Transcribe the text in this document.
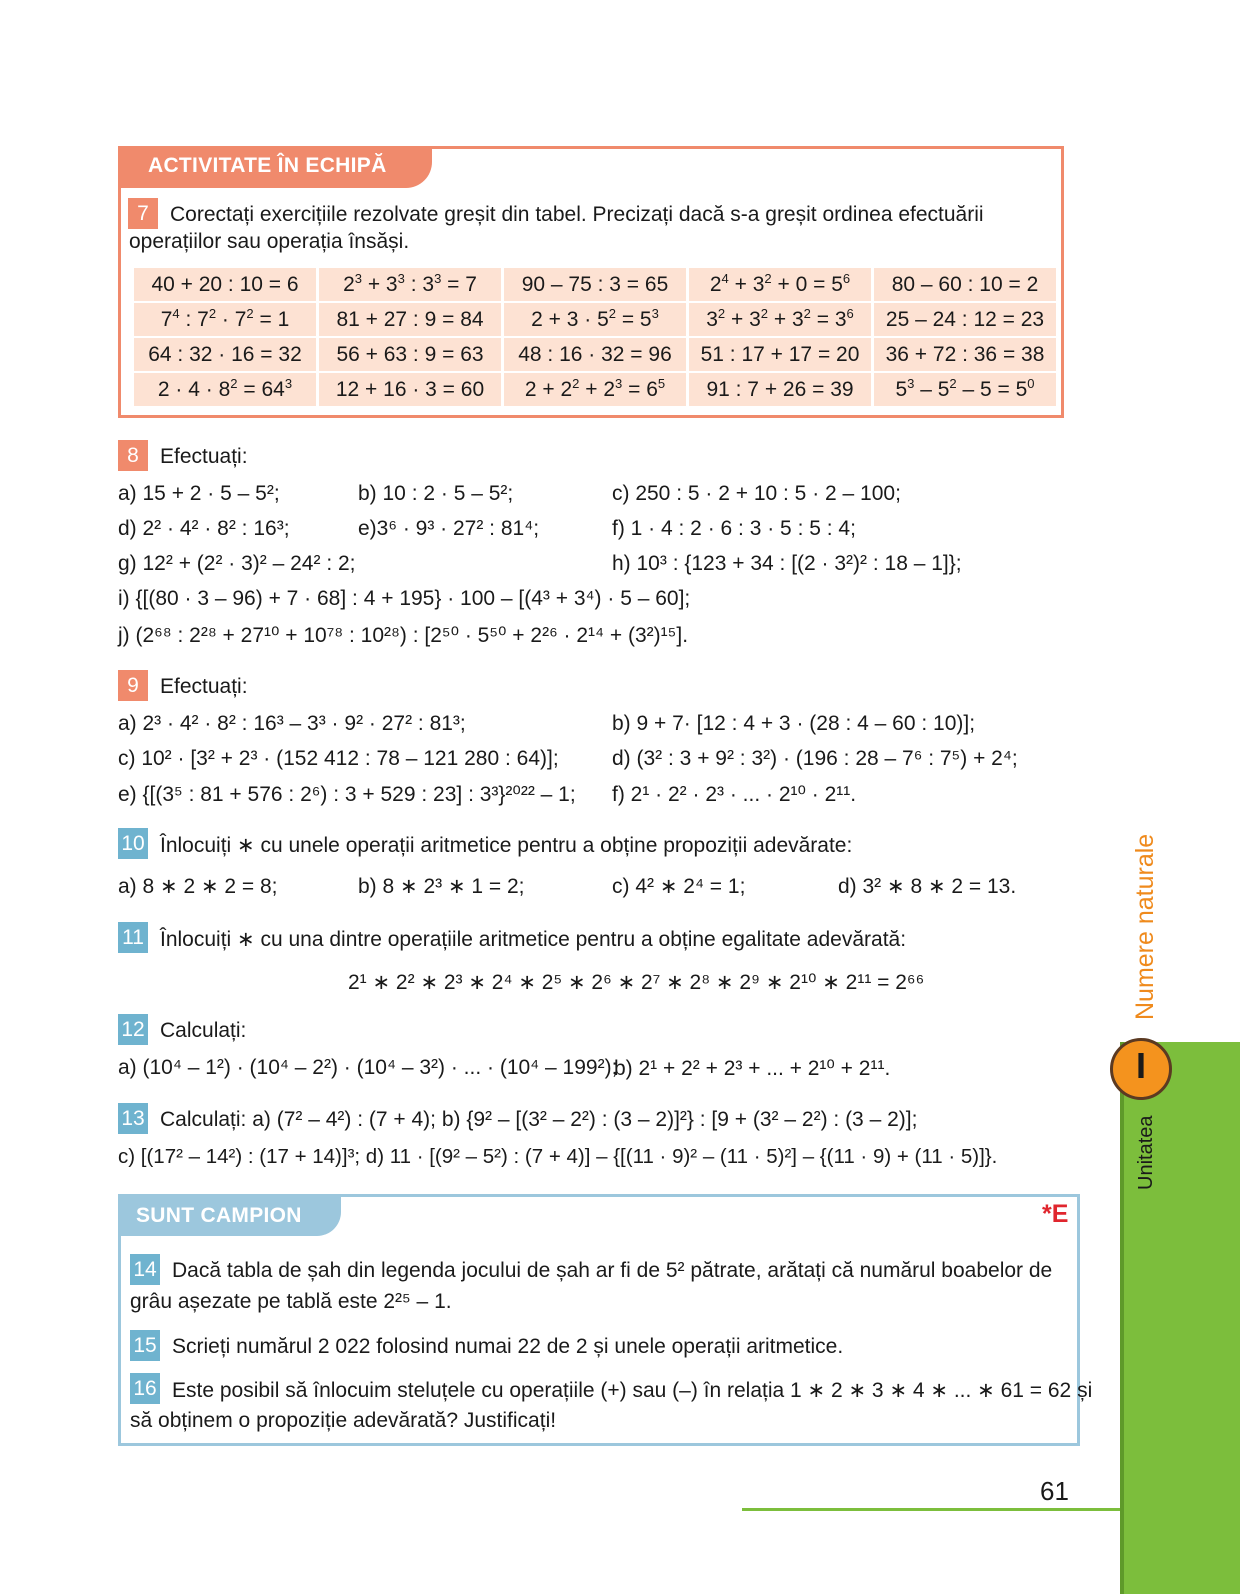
ACTIVITATE ÎN ECHIPĂ
7	Corectați exercițiile rezolvate greșit din tabel. Precizați dacă s-a greșit ordinea efectuării
operațiilor sau operația însăși.
40 + 20 : 10 = 6	$2^3 + 3^3$ : $3^3 = 7$	90 – 75 : 3 = 65	$2^4 + 3^2 + 0 = 5^6$	80 – 60 : 10 = 2
$7^4$ : $7^2 \cdot 7^2 = 1$	81 + 27 : 9 = 84	$2 + 3 \cdot 5^2 = 5^3$	$3^2 + 3^2 + 3^2 = 3^6$	25 – 24 : 12 = 23
64 : 32 · 16 = 32	56 + 63 : 9 = 63	48 : 16 · 32 = 96	51 : 17 + 17 = 20	36 + 72 : 36 = 38
$2 \cdot 4 \cdot 8^2 = 64^3$	12 + 16 · 3 = 60	$2 + 2^2 + 2^3 = 6^5$	91 : 7 + 26 = 39	$5^3 - 5^2 - 5 = 5^0$
8	Efectuați:
a) 15 + 2 · 5 – 5²;	b) 10 : 2 · 5 – 5²;	c) 250 : 5 · 2 + 10 : 5 · 2 – 100;
d) 2² · 4² · 8² : 16³;	e)3⁶ · 9³ · 27² : 81⁴;	f) 1 · 4 : 2 · 6 : 3 · 5 : 5 : 4;
g) 12² + (2² · 3)² – 24² : 2;	h) 10³ : {123 + 34 : [(2 · 3²)² : 18 – 1]};
i) {[(80 · 3 – 96) + 7 · 68] : 4 + 195} · 100 – [(4³ + 3⁴) · 5 – 60];
j) (2⁶⁸ : 2²⁸ + 27¹⁰ + 10⁷⁸ : 10²⁸) : [2⁵⁰ · 5⁵⁰ + 2²⁶ · 2¹⁴ + (3²)¹⁵].
9	Efectuați:
a) 2³ · 4² · 8² : 16³ – 3³ · 9² · 27² : 81³;	b) 9 + 7· [12 : 4 + 3 · (28 : 4 – 60 : 10)];
c) 10² · [3² + 2³ · (152 412 : 78 – 121 280 : 64)];	d) (3² : 3 + 9² : 3²) · (196 : 28 – 7⁶ : 7⁵) + 2⁴;
e) {[(3⁵ : 81 + 576 : 2⁶) : 3 + 529 : 23] : 3³}²⁰²² – 1; f) 2¹ · 2² · 2³ · ... · 2¹⁰ · 2¹¹.
10 Înlocuiți ∗ cu unele operații aritmetice pentru a obține propoziții adevărate:
a) 8 ∗ 2 ∗ 2 = 8;	b) 8 ∗ 2³ ∗ 1 = 2;	c) 4² ∗ 2⁴ = 1;	d) 3² ∗ 8 ∗ 2 = 13.
11 Înlocuiți ∗ cu una dintre operațiile aritmetice pentru a obține egalitate adevărată:
2¹ ∗ 2² ∗ 2³ ∗ 2⁴ ∗ 2⁵ ∗ 2⁶ ∗ 2⁷ ∗ 2⁸ ∗ 2⁹ ∗ 2¹⁰ ∗ 2¹¹ = 2⁶⁶
12 Calculați:
a) (10⁴ – 1²) · (10⁴ – 2²) · (10⁴ – 3²) · ... · (10⁴ – 199²);
b) 2¹ + 2² + 2³ + ... + 2¹⁰ + 2¹¹.
13 Calculați: a) (7² – 4²) : (7 + 4); b) {9² – [(3² – 2²) : (3 – 2)]²} : [9 + (3² – 2²) : (3 – 2)];
c) [(17² – 14²) : (17 + 14)]³; d) 11 · [(9² – 5²) : (7 + 4)] – {[(11 · 9)² – (11 · 5)²] – {(11 · 9) + (11 · 5)]}.
SUNT CAMPION	*E
14 Dacă tabla de șah din legenda jocului de șah ar fi de 5² pătrate, arătați că numărul boabelor de
grâu așezate pe tablă este 2²⁵ – 1.
15 Scrieți numărul 2 022 folosind numai 22 de 2 și unele operații aritmetice.
16 Este posibil să înlocuim steluțele cu operațiile (+) sau (–) în relația 1 ∗ 2 ∗ 3 ∗ 4 ∗ ... ∗ 61 = 62 și
să obținem o propoziție adevărată? Justificați!
Numere naturale
Unitatea
I
61
